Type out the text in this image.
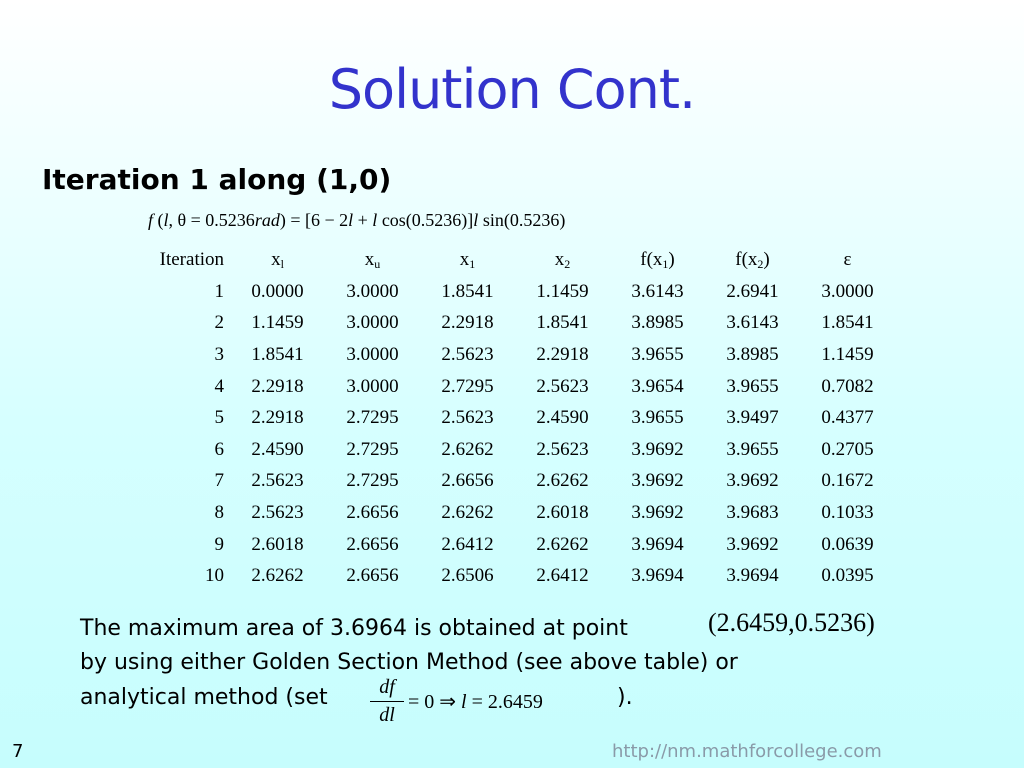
Solution Cont.
Iteration 1 along (1,0)
f (l, θ = 0.5236rad) = [6 − 2l + l cos(0.5236)]l sin(0.5236)
Iteration	$x_l$	$x_u$	$x_1$	$x_2$	$f(x_1)$	$f(x_2)$	ε
1	0.0000	3.0000	1.8541	1.1459	3.6143	2.6941	3.0000
2	1.1459	3.0000	2.2918	1.8541	3.8985	3.6143	1.8541
3	1.8541	3.0000	2.5623	2.2918	3.9655	3.8985	1.1459
4	2.2918	3.0000	2.7295	2.5623	3.9654	3.9655	0.7082
5	2.2918	2.7295	2.5623	2.4590	3.9655	3.9497	0.4377
6	2.4590	2.7295	2.6262	2.5623	3.9692	3.9655	0.2705
7	2.5623	2.7295	2.6656	2.6262	3.9692	3.9692	0.1672
8	2.5623	2.6656	2.6262	2.6018	3.9692	3.9683	0.1033
9	2.6018	2.6656	2.6412	2.6262	3.9694	3.9692	0.0639
10	2.6262	2.6656	2.6506	2.6412	3.9694	3.9694	0.0395
The maximum area of 3.6964 is obtained at point
by using either Golden Section Method (see above table) or
(2.6459,0.5236)
analytical method (set	df
dl
= 0 ⇒ l = 2.6459	).
7	http://nm.mathforcollege.com
